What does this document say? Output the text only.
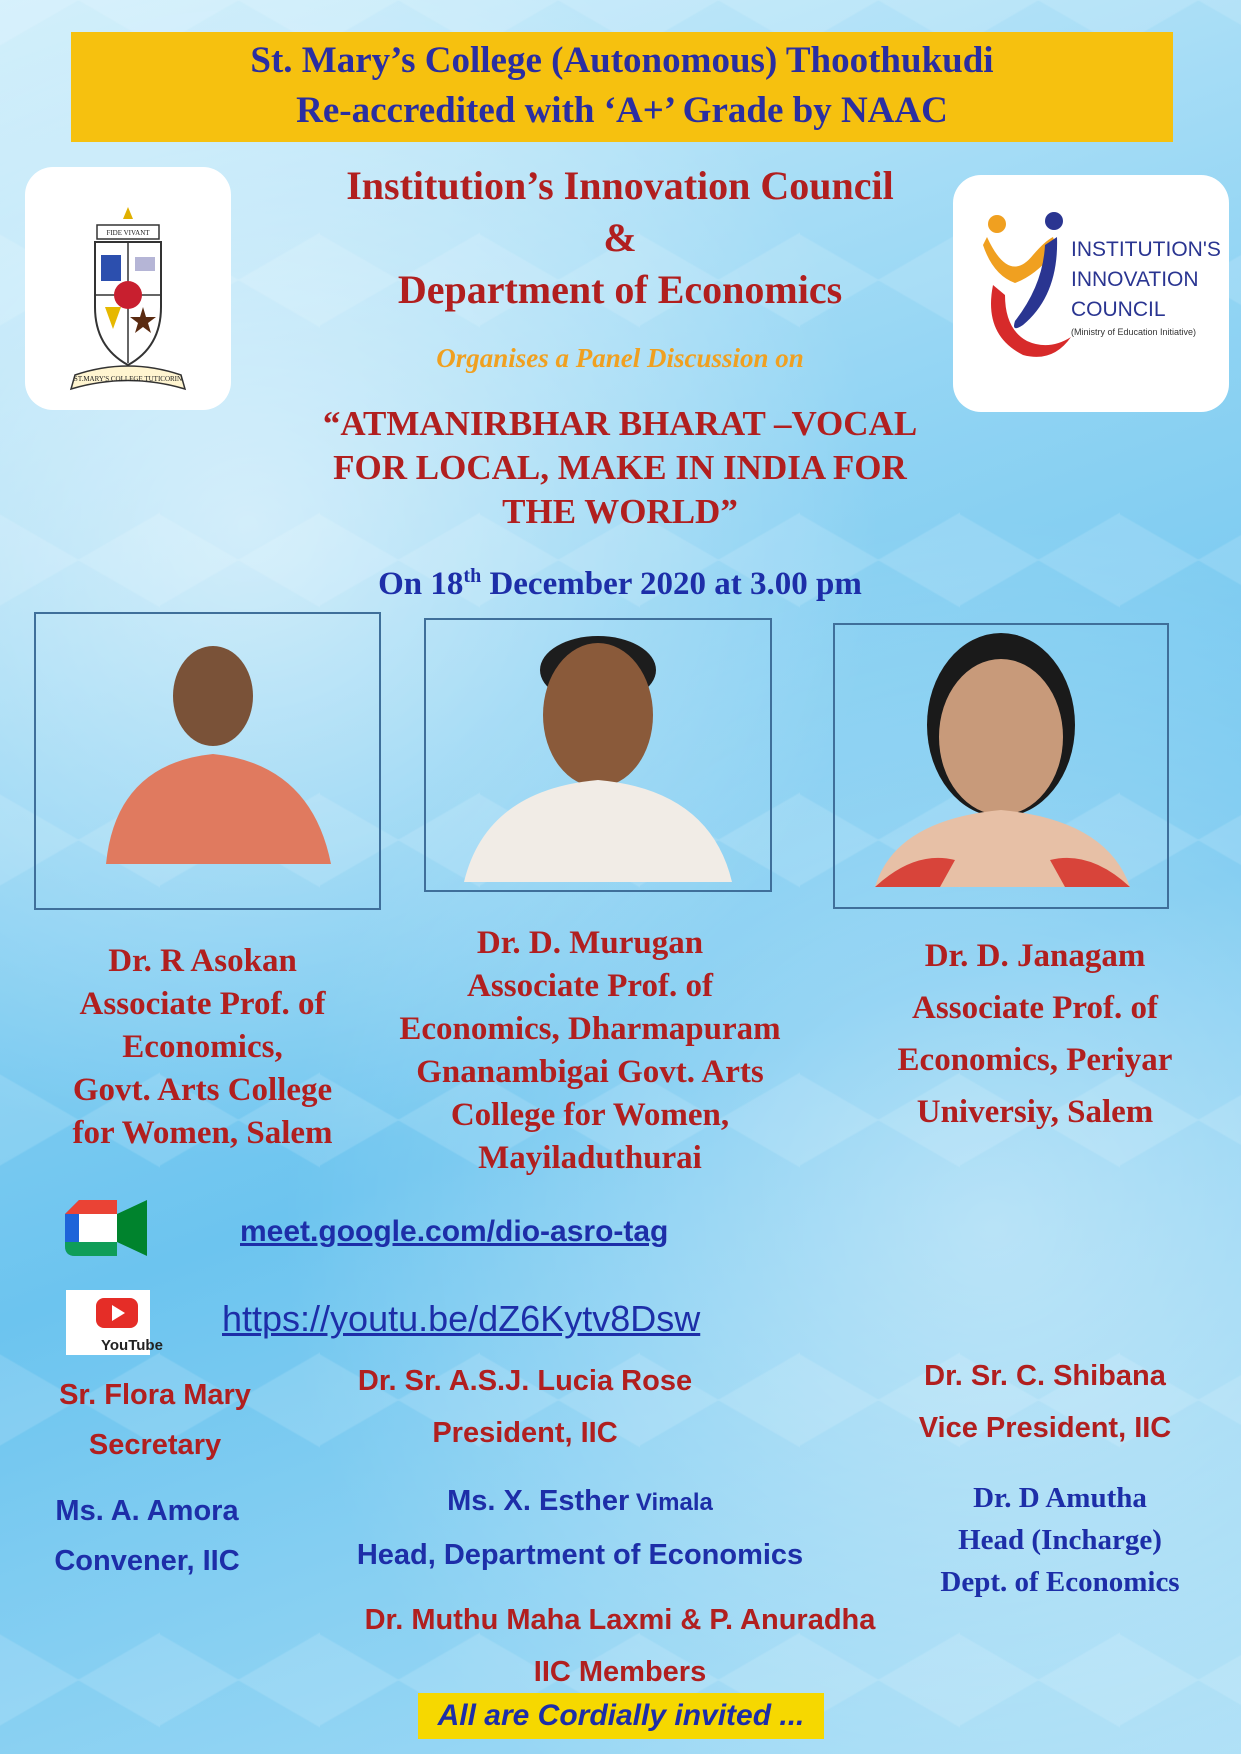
St. Mary’s College (Autonomous) Thoothukudi
Re-accredited with ‘A+’ Grade by NAAC
FIDE VIVANT
ST.MARY'S COLLEGE TUTICORIN
INSTITUTION'S
INNOVATION
COUNCIL
(Ministry of Education Initiative)
Institution’s Innovation Council
&
Department of Economics
Organises a Panel Discussion on
“ATMANIRBHAR BHARAT –VOCAL
FOR LOCAL, MAKE IN INDIA FOR
THE WORLD”
On 18th December 2020 at 3.00 pm
Dr. R Asokan
Associate Prof. of
Economics,
Govt. Arts College
for Women, Salem
Dr. D. Murugan
Associate Prof. of
Economics, Dharmapuram
Gnanambigai Govt. Arts
College for Women,
Mayiladuthurai
Dr. D. Janagam
Associate Prof. of
Economics, Periyar
Universiy, Salem
meet.google.com/dio-asro-tag
YouTube
https://youtu.be/dZ6Kytv8Dsw
Sr. Flora Mary
Secretary
Dr. Sr. A.S.J. Lucia Rose
President, IIC
Dr. Sr. C. Shibana
Vice President, IIC
Ms. A. Amora
Convener, IIC
Ms. X. Esther Vimala
Head, Department of Economics
Dr. D Amutha
Head (Incharge)
Dept. of Economics
Dr. Muthu Maha Laxmi & P. Anuradha
IIC Members
All are Cordially invited ...
